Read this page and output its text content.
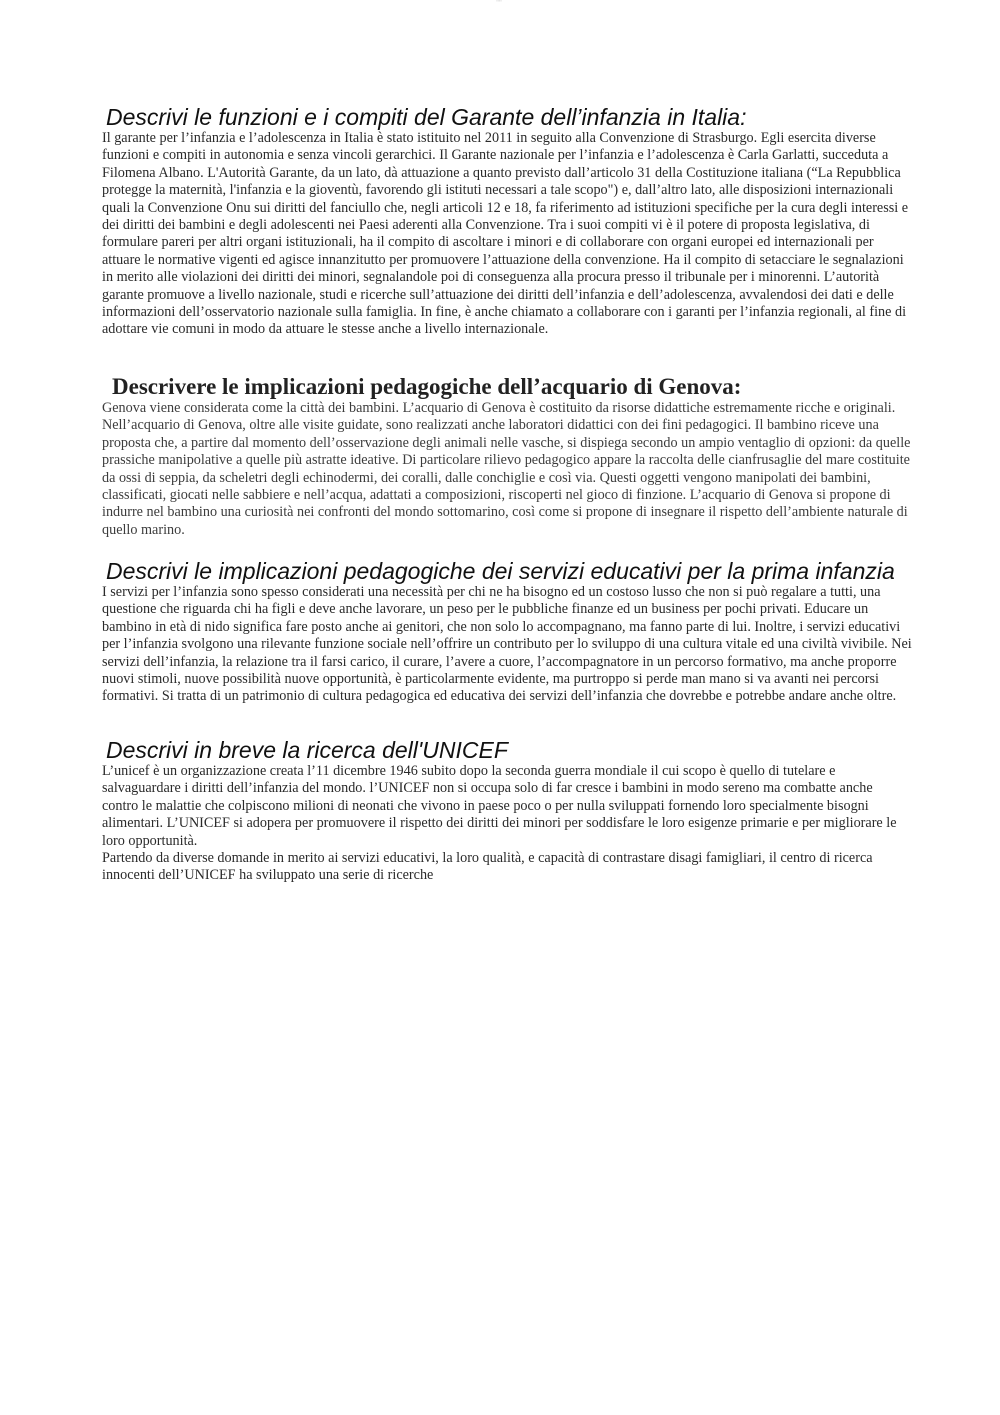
¡¡¡¡¡¡¡
Descrivi le funzioni e i compiti del Garante dell’infanzia in Italia:

Il garante per l’infanzia e l’adolescenza in Italia è stato istituito nel 2011 in seguito alla Convenzione di Strasburgo. Egli esercita diverse funzioni e compiti in autonomia e senza vincoli gerarchici. Il Garante nazionale per l’infanzia e l’adolescenza è Carla Garlatti, succeduta a Filomena Albano. L'Autorità Garante, da un lato, dà attuazione a quanto previsto dall’articolo 31 della Costituzione italiana (“La Repubblica protegge la maternità, l'infanzia e la gioventù, favorendo gli istituti necessari a tale scopo") e, dall’altro lato, alle disposizioni internazionali quali la Convenzione Onu sui diritti del fanciullo che, negli articoli 12 e 18, fa riferimento ad istituzioni specifiche per la cura degli interessi e dei diritti dei bambini e degli adolescenti nei Paesi aderenti alla Convenzione. Tra i suoi compiti vi è il potere di proposta legislativa, di formulare pareri per altri organi istituzionali, ha il compito di ascoltare i minori e di collaborare con organi europei ed internazionali per attuare le normative vigenti ed agisce innanzitutto per promuovere l’attuazione della convenzione. Ha il compito di setacciare le segnalazioni in merito alle violazioni dei diritti dei minori, segnalandole poi di conseguenza alla procura presso il tribunale per i minorenni. L’autorità garante promuove a livello nazionale, studi e ricerche sull’attuazione dei diritti dell’infanzia e dell’adolescenza, avvalendosi dei dati e delle informazioni dell’osservatorio nazionale sulla famiglia. In fine, è anche chiamato a collaborare con i garanti per l’infanzia regionali, al fine di adottare vie comuni in modo da attuare le stesse anche a livello internazionale.

Descrivere le implicazioni pedagogiche dell’acquario di Genova:

Genova viene considerata come la città dei bambini. L’acquario di Genova è costituito da risorse didattiche estremamente ricche e originali. Nell’acquario di Genova, oltre alle visite guidate, sono realizzati anche laboratori didattici con dei fini pedagogici. Il bambino riceve una proposta che, a partire dal momento dell’osservazione degli animali nelle vasche, si dispiega secondo un ampio ventaglio di opzioni: da quelle prassiche manipolative a quelle più astratte ideative. Di particolare rilievo pedagogico appare la raccolta delle cianfrusaglie del mare costituite da ossi di seppia, da scheletri degli echinodermi, dei coralli, dalle conchiglie e così via. Questi oggetti vengono manipolati dei bambini, classificati, giocati nelle sabbiere e nell’acqua, adattati a composizioni, riscoperti nel gioco di finzione. L’acquario di Genova si propone di indurre nel bambino una curiosità nei confronti del mondo sottomarino, così come si propone di insegnare il rispetto dell’ambiente naturale di quello marino.

Descrivi le implicazioni pedagogiche dei servizi educativi per la prima infanzia

I servizi per l’infanzia sono spesso considerati una necessità per chi ne ha bisogno ed un costoso lusso che non si può regalare a tutti, una questione che riguarda chi ha figli e deve anche lavorare, un peso per le pubbliche finanze ed un business per pochi privati. Educare un bambino in età di nido significa fare posto anche ai genitori, che non solo lo accompagnano, ma fanno parte di lui. Inoltre, i servizi educativi per l’infanzia svolgono una rilevante funzione sociale nell’offrire un contributo per lo sviluppo di una cultura vitale ed una civiltà vivibile. Nei servizi dell’infanzia, la relazione tra il farsi carico, il curare, l’avere a cuore, l’accompagnatore in un percorso formativo, ma anche proporre nuovi stimoli, nuove possibilità nuove opportunità, è particolarmente evidente, ma purtroppo si perde man mano si va avanti nei percorsi formativi. Si tratta di un patrimonio di cultura pedagogica ed educativa dei servizi dell’infanzia che dovrebbe e potrebbe andare anche oltre.

Descrivi in breve la ricerca dell'UNICEF

L’unicef è un organizzazione creata l’11 dicembre 1946 subito dopo la seconda guerra mondiale il cui scopo è quello di tutelare e salvaguardare i diritti dell’infanzia del mondo. l’UNICEF non si occupa solo di far cresce i bambini in modo sereno ma combatte anche contro le malattie che colpiscono milioni di neonati che vivono in paese poco o per nulla sviluppati fornendo loro specialmente bisogni alimentari. L’UNICEF si adopera per promuovere il rispetto dei diritti dei minori per soddisfare le loro esigenze primarie e per migliorare le loro opportunità.

Partendo da diverse domande in merito ai servizi educativi, la loro qualità, e capacità di contrastare disagi famigliari, il centro di ricerca innocenti dell’UNICEF ha sviluppato una serie di ricerche
